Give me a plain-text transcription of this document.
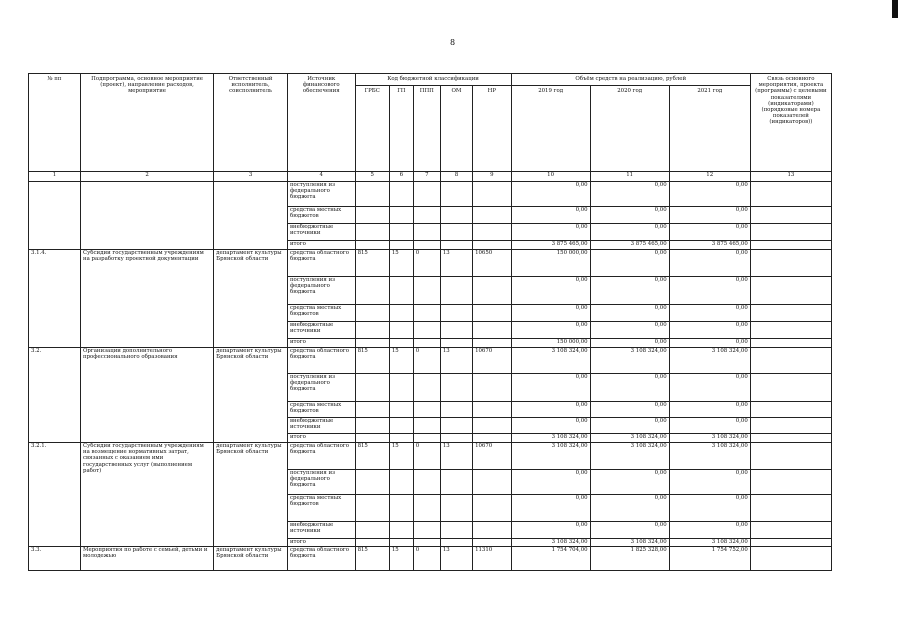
8
№ пп	Подпрограмма, основное мероприятие (проект), направление расходов, мероприятие	Ответственный исполнитель, соисполнитель	Источник финансового обеспечения	Код бюджетной классификации					Объём средств на реализацию, рублей			Связь основного мероприятия, проекта (программы) с целевыми показателями (индикаторами) (порядковые номера показателей (индикаторов))
				ГРБС	ГП	ППП	ОМ	НР	2019 год	2020 год	2021 год	
1	2	3	4	5	6	7	8	9	10	11	12	13
			поступления из федерального бюджета						0,00	0,00	0,00	
			средства местных бюджетов						0,00	0,00	0,00	
			внебюджетные источники						0,00	0,00	0,00	
			итого						3 875 465,00	3 875 465,00	3 875 465,00	
3.1.4.	Субсидии государственным учреждениям на разработку проектной документации	департамент культуры Брянской области	средства областного бюджета	815	15	0	13	10650	150 000,00	0,00	0,00	
			поступления из федерального бюджета						0,00	0,00	0,00	
			средства местных бюджетов						0,00	0,00	0,00	
			внебюджетные источники						0,00	0,00	0,00	
			итого						150 000,00	0,00	0,00	
3.2.	Организации дополнительного профессионального образования	департамент культуры Брянской области	средства областного бюджета	815	15	0	13	10670	3 108 324,00	3 108 324,00	3 108 324,00	
			поступления из федерального бюджета						0,00	0,00	0,00	
			средства местных бюджетов						0,00	0,00	0,00	
			внебюджетные источники						0,00	0,00	0,00	
			итого						3 108 324,00	3 108 324,00	3 108 324,00	
3.2.1.	Субсидии государственным учреждениям на возмещение нормативных затрат, связанных с оказанием ими государственных услуг (выполнением работ)	департамент культуры Брянской области	средства областного бюджета	815	15	0	13	10670	3 108 324,00	3 108 324,00	3 108 324,00	
			поступления из федерального бюджета						0,00	0,00	0,00	
			средства местных бюджетов						0,00	0,00	0,00	
			внебюджетные источники						0,00	0,00	0,00	
			итого						3 108 324,00	3 108 324,00	3 108 324,00	
3.3.	Мероприятия по работе с семьей, детьми и молодежью	департамент культуры Брянской области	средства областного бюджета	815	15	0	13	11310	1 754 704,00	1 825 328,00	1 754 752,00	
